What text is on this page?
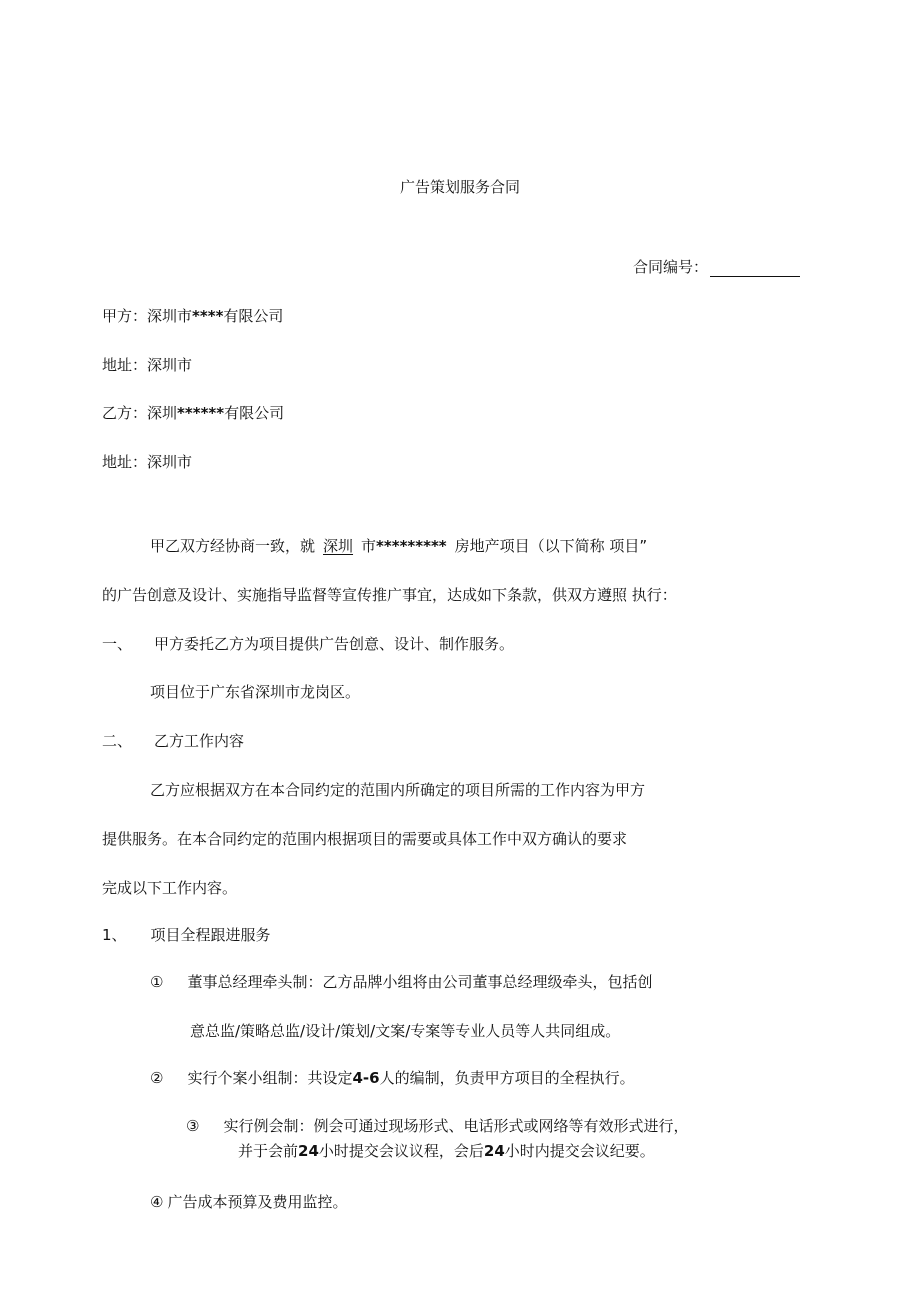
广告策划服务合同
合同编号：
甲方：深圳市****有限公司
地址：深圳市
乙方：深圳******有限公司
地址：深圳市
甲乙双方经协商一致，就 深圳 市********* 房地产项目（以下简称 项目”
的广告创意及设计、实施指导监督等宣传推广事宜，达成如下条款，供双方遵照 执行：
一、 甲方委托乙方为项目提供广告创意、设计、制作服务。
项目位于广东省深圳市龙岗区。
二、 乙方工作内容
乙方应根据双方在本合同约定的范围内所确定的项目所需的工作内容为甲方
提供服务。在本合同约定的范围内根据项目的需要或具体工作中双方确认的要求
完成以下工作内容。
1、 项目全程跟进服务
① 董事总经理牵头制：乙方品牌小组将由公司董事总经理级牵头，包括创
意总监/策略总监/设计/策划/文案/专案等专业人员等人共同组成。
② 实行个案小组制：共设定4-6人的编制，负责甲方项目的全程执行。
③ 实行例会制：例会可通过现场形式、电话形式或网络等有效形式进行，
并于会前24小时提交会议议程，会后24小时内提交会议纪要。
④ 广告成本预算及费用监控。
